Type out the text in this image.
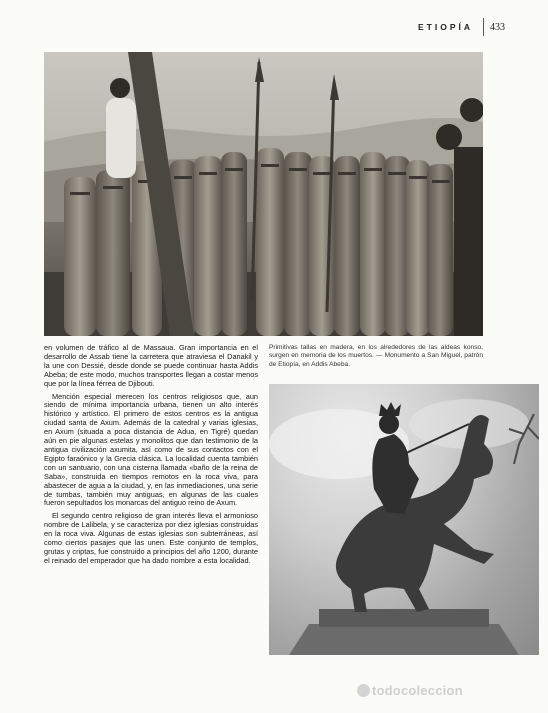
ETIOPÍA 433
Primitivas tallas en madera, en los alrededores de las aldeas konso, surgen en memoria de los muertos. — Monumento a San Miguel, patrón de Etiopía, en Addis Abeba.

en volumen de tráfico al de Massaua. Gran importancia en el desarrollo de Assab tiene la carretera que atraviesa el Danakil y la une con Dessié, desde donde se puede continuar hasta Addis Abeba; de este modo, muchos transportes llegan a costar menos que por la línea férrea de Djibouti.

Mención especial merecen los centros religiosos que, aun siendo de mínima importancia urbana, tienen un alto interés histórico y artístico. El primero de estos centros es la antigua ciudad santa de Axum. Además de la catedral y varias iglesias, en Axum (situada a poca distancia de Adua, en Tigré) quedan aún en pie algunas estelas y monolitos que dan testimonio de la antigua civilización axumita, así como de sus contactos con el Egipto faraónico y la Grecia clásica. La localidad cuenta también con un santuario, con una cisterna llamada «baño de la reina de Saba», construida en tiempos remotos en la roca viva, para abastecer de agua a la ciudad, y, en las inmediaciones, una serie de tumbas, también muy antiguas, en algunas de las cuales fueron sepultados los monarcas del antiguo reino de Axum.

El segundo centro religioso de gran interés lleva el armonioso nombre de Lalibela, y se caracteriza por diez iglesias construidas en la roca viva. Algunas de estas iglesias son subterráneas, así como ciertos pasajes que las unen. Este conjunto de templos, grutas y criptas, fue construido a principios del año 1200, durante el reinado del emperador que ha dado nombre a esta localidad.

todocoleccion
